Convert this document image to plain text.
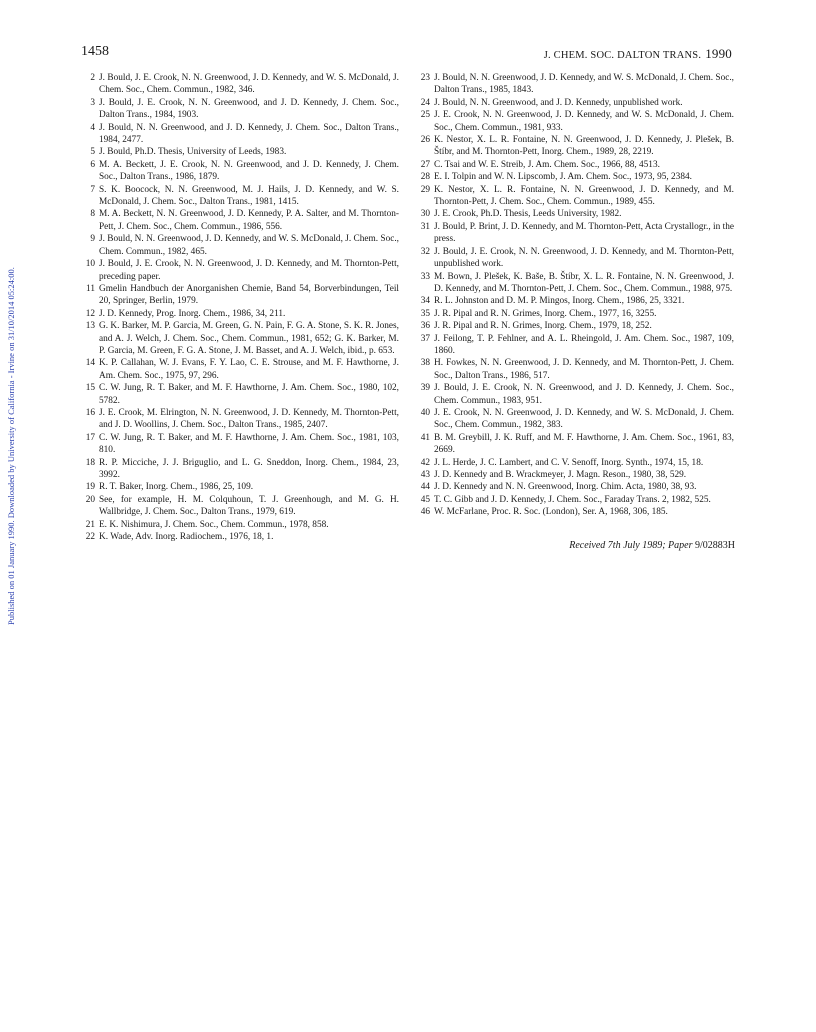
1458	J. CHEM. SOC. DALTON TRANS. 1990
Published on 01 January 1990. Downloaded by University of California - Irvine on 31/10/2014 05:24:00.
2 J. Bould, J. E. Crook, N. N. Greenwood, J. D. Kennedy, and W. S. McDonald, J. Chem. Soc., Chem. Commun., 1982, 346.
3 J. Bould, J. E. Crook, N. N. Greenwood, and J. D. Kennedy, J. Chem. Soc., Dalton Trans., 1984, 1903.
4 J. Bould, N. N. Greenwood, and J. D. Kennedy, J. Chem. Soc., Dalton Trans., 1984, 2477.
5 J. Bould, Ph.D. Thesis, University of Leeds, 1983.
6 M. A. Beckett, J. E. Crook, N. N. Greenwood, and J. D. Kennedy, J. Chem. Soc., Dalton Trans., 1986, 1879.
7 S. K. Boocock, N. N. Greenwood, M. J. Hails, J. D. Kennedy, and W. S. McDonald, J. Chem. Soc., Dalton Trans., 1981, 1415.
8 M. A. Beckett, N. N. Greenwood, J. D. Kennedy, P. A. Salter, and M. Thornton-Pett, J. Chem. Soc., Chem. Commun., 1986, 556.
9 J. Bould, N. N. Greenwood, J. D. Kennedy, and W. S. McDonald, J. Chem. Soc., Chem. Commun., 1982, 465.
10 J. Bould, J. E. Crook, N. N. Greenwood, J. D. Kennedy, and M. Thornton-Pett, preceding paper.
11 Gmelin Handbuch der Anorganishen Chemie, Band 54, Borverbindungen, Teil 20, Springer, Berlin, 1979.
12 J. D. Kennedy, Prog. Inorg. Chem., 1986, 34, 211.
13 G. K. Barker, M. P. Garcia, M. Green, G. N. Pain, F. G. A. Stone, S. K. R. Jones, and A. J. Welch, J. Chem. Soc., Chem. Commun., 1981, 652; G. K. Barker, M. P. Garcia, M. Green, F. G. A. Stone, J. M. Basset, and A. J. Welch, ibid., p. 653.
14 K. P. Callahan, W. J. Evans, F. Y. Lao, C. E. Strouse, and M. F. Hawthorne, J. Am. Chem. Soc., 1975, 97, 296.
15 C. W. Jung, R. T. Baker, and M. F. Hawthorne, J. Am. Chem. Soc., 1980, 102, 5782.
16 J. E. Crook, M. Elrington, N. N. Greenwood, J. D. Kennedy, M. Thornton-Pett, and J. D. Woollins, J. Chem. Soc., Dalton Trans., 1985, 2407.
17 C. W. Jung, R. T. Baker, and M. F. Hawthorne, J. Am. Chem. Soc., 1981, 103, 810.
18 R. P. Micciche, J. J. Briguglio, and L. G. Sneddon, Inorg. Chem., 1984, 23, 3992.
19 R. T. Baker, Inorg. Chem., 1986, 25, 109.
20 See, for example, H. M. Colquhoun, T. J. Greenhough, and M. G. H. Wallbridge, J. Chem. Soc., Dalton Trans., 1979, 619.
21 E. K. Nishimura, J. Chem. Soc., Chem. Commun., 1978, 858.
22 K. Wade, Adv. Inorg. Radiochem., 1976, 18, 1.
23 J. Bould, N. N. Greenwood, J. D. Kennedy, and W. S. McDonald, J. Chem. Soc., Dalton Trans., 1985, 1843.
24 J. Bould, N. N. Greenwood, and J. D. Kennedy, unpublished work.
25 J. E. Crook, N. N. Greenwood, J. D. Kennedy, and W. S. McDonald, J. Chem. Soc., Chem. Commun., 1981, 933.
26 K. Nestor, X. L. R. Fontaine, N. N. Greenwood, J. D. Kennedy, J. Plešek, B. Štíbr, and M. Thornton-Pett, Inorg. Chem., 1989, 28, 2219.
27 C. Tsai and W. E. Streib, J. Am. Chem. Soc., 1966, 88, 4513.
28 E. I. Tolpin and W. N. Lipscomb, J. Am. Chem. Soc., 1973, 95, 2384.
29 K. Nestor, X. L. R. Fontaine, N. N. Greenwood, J. D. Kennedy, and M. Thornton-Pett, J. Chem. Soc., Chem. Commun., 1989, 455.
30 J. E. Crook, Ph.D. Thesis, Leeds University, 1982.
31 J. Bould, P. Brint, J. D. Kennedy, and M. Thornton-Pett, Acta Crystallogr., in the press.
32 J. Bould, J. E. Crook, N. N. Greenwood, J. D. Kennedy, and M. Thornton-Pett, unpublished work.
33 M. Bown, J. Plešek, K. Baše, B. Štíbr, X. L. R. Fontaine, N. N. Greenwood, J. D. Kennedy, and M. Thornton-Pett, J. Chem. Soc., Chem. Commun., 1988, 975.
34 R. L. Johnston and D. M. P. Mingos, Inorg. Chem., 1986, 25, 3321.
35 J. R. Pipal and R. N. Grimes, Inorg. Chem., 1977, 16, 3255.
36 J. R. Pipal and R. N. Grimes, Inorg. Chem., 1979, 18, 252.
37 J. Feilong, T. P. Fehlner, and A. L. Rheingold, J. Am. Chem. Soc., 1987, 109, 1860.
38 H. Fowkes, N. N. Greenwood, J. D. Kennedy, and M. Thornton-Pett, J. Chem. Soc., Dalton Trans., 1986, 517.
39 J. Bould, J. E. Crook, N. N. Greenwood, and J. D. Kennedy, J. Chem. Soc., Chem. Commun., 1983, 951.
40 J. E. Crook, N. N. Greenwood, J. D. Kennedy, and W. S. McDonald, J. Chem. Soc., Chem. Commun., 1982, 383.
41 B. M. Greybill, J. K. Ruff, and M. F. Hawthorne, J. Am. Chem. Soc., 1961, 83, 2669.
42 J. L. Herde, J. C. Lambert, and C. V. Senoff, Inorg. Synth., 1974, 15, 18.
43 J. D. Kennedy and B. Wrackmeyer, J. Magn. Reson., 1980, 38, 529.
44 J. D. Kennedy and N. N. Greenwood, Inorg. Chim. Acta, 1980, 38, 93.
45 T. C. Gibb and J. D. Kennedy, J. Chem. Soc., Faraday Trans. 2, 1982, 525.
46 W. McFarlane, Proc. R. Soc. (London), Ser. A, 1968, 306, 185.
Received 7th July 1989; Paper 9/02883H
